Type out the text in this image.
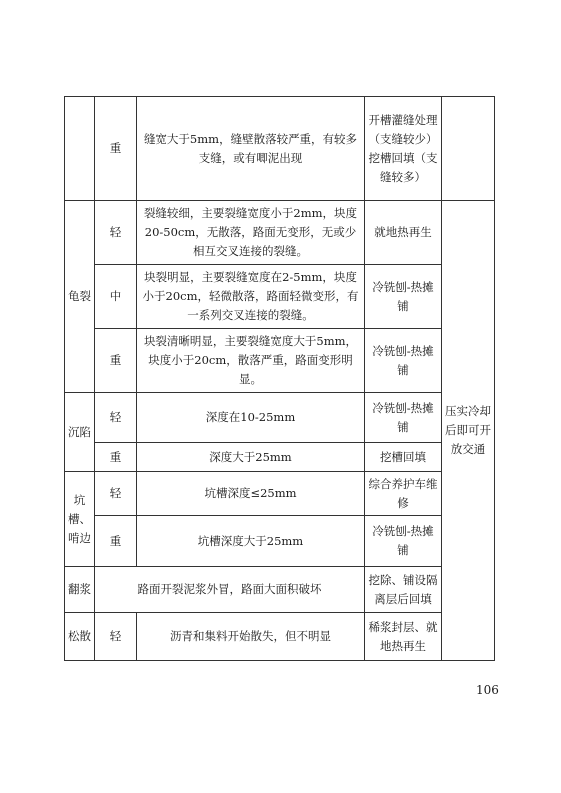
	重	缝宽大于5mm，缝壁散落较严重，有较多支缝，或有唧泥出现	开槽灌缝处理（支缝较少）挖槽回填（支缝较多）	
龟裂	轻	裂缝较细，主要裂缝宽度小于2mm，块度20-50cm，无散落，路面无变形，无或少相互交叉连接的裂缝。	就地热再生	压实冷却后即可开放交通
	中	块裂明显，主要裂缝宽度在2-5mm，块度小于20cm，轻微散落，路面轻微变形，有一系列交叉连接的裂缝。	冷铣刨-热摊铺	
	重	块裂清晰明显，主要裂缝宽度大于5mm，块度小于20cm，散落严重，路面变形明显。	冷铣刨-热摊铺	
沉陷	轻	深度在10-25mm	冷铣刨-热摊铺	
	重	深度大于25mm	挖槽回填	
坑槽、啃边	轻	坑槽深度≤25mm	综合养护车维修	
	重	坑槽深度大于25mm	冷铣刨-热摊铺	
翻浆	路面开裂泥浆外冒，路面大面积破坏		挖除、铺设隔离层后回填	
松散	轻	沥青和集料开始散失，但不明显	稀浆封层、就地热再生	
106
